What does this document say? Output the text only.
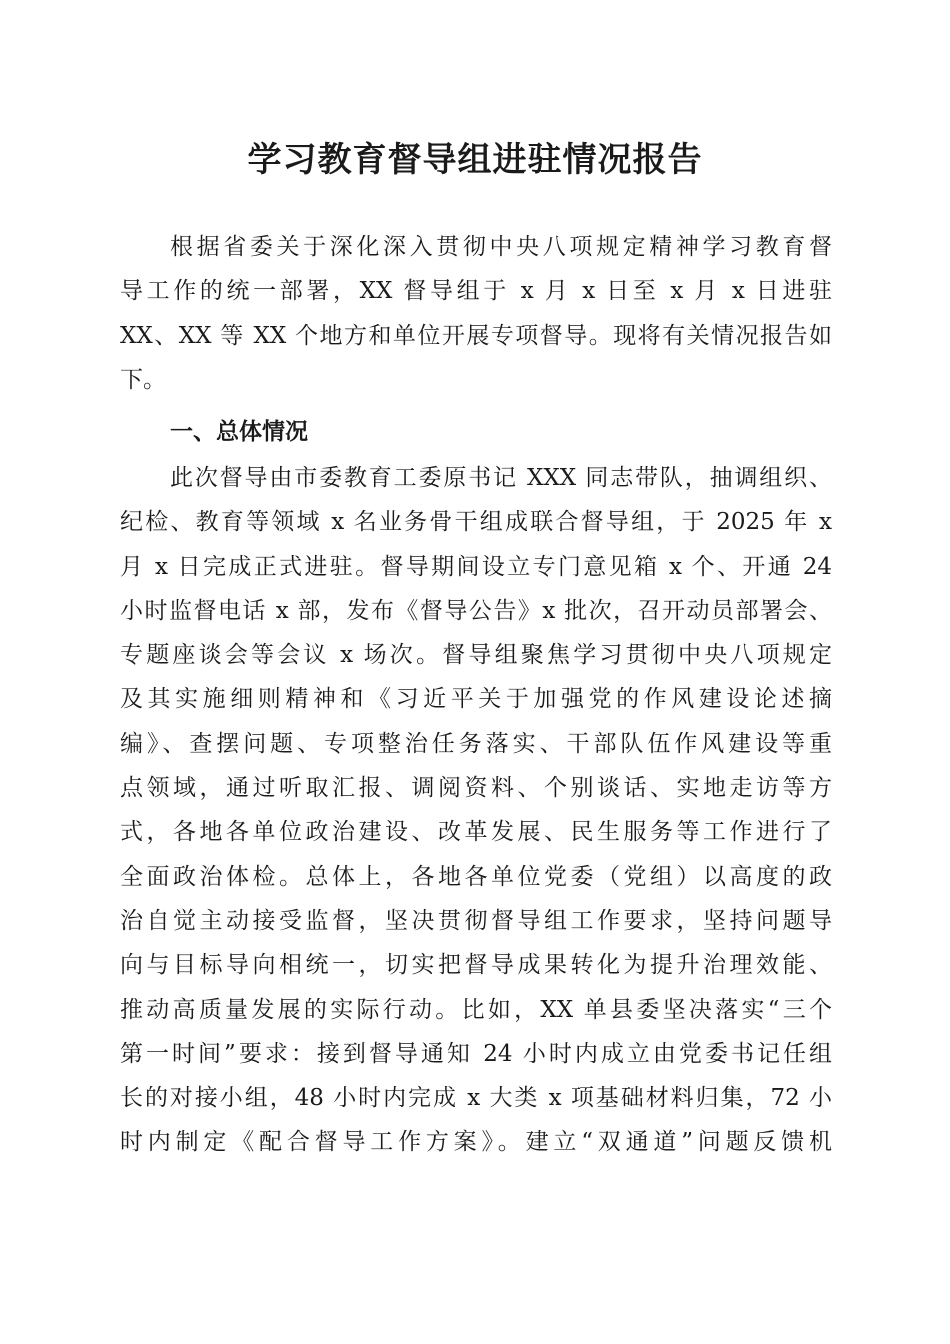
学习教育督导组进驻情况报告
根据省委关于深化深入贯彻中央八项规定精神学习教育督
导工作的统一部署，XX 督导组于 x 月 x 日至 x 月 x 日进驻
XX、XX 等 XX 个地方和单位开展专项督导。现将有关情况报告如
下。
一、总体情况
此次督导由市委教育工委原书记 XXX 同志带队，抽调组织、
纪检、教育等领域 x 名业务骨干组成联合督导组，于 2025 年 x
月 x 日完成正式进驻。督导期间设立专门意见箱 x 个、开通 24
小时监督电话 x 部，发布《督导公告》x 批次，召开动员部署会、
专题座谈会等会议 x 场次。督导组聚焦学习贯彻中央八项规定
及其实施细则精神和《习近平关于加强党的作风建设论述摘
编》、查摆问题、专项整治任务落实、干部队伍作风建设等重
点领域，通过听取汇报、调阅资料、个别谈话、实地走访等方
式，各地各单位政治建设、改革发展、民生服务等工作进行了
全面政治体检。总体上，各地各单位党委（党组）以高度的政
治自觉主动接受监督，坚决贯彻督导组工作要求，坚持问题导
向与目标导向相统一，切实把督导成果转化为提升治理效能、
推动高质量发展的实际行动。比如，XX 单县委坚决落实“三个
第一时间”要求：接到督导通知 24 小时内成立由党委书记任组
长的对接小组，48 小时内完成 x 大类 x 项基础材料归集，72 小
时内制定《配合督导工作方案》。建立“双通道”问题反馈机
